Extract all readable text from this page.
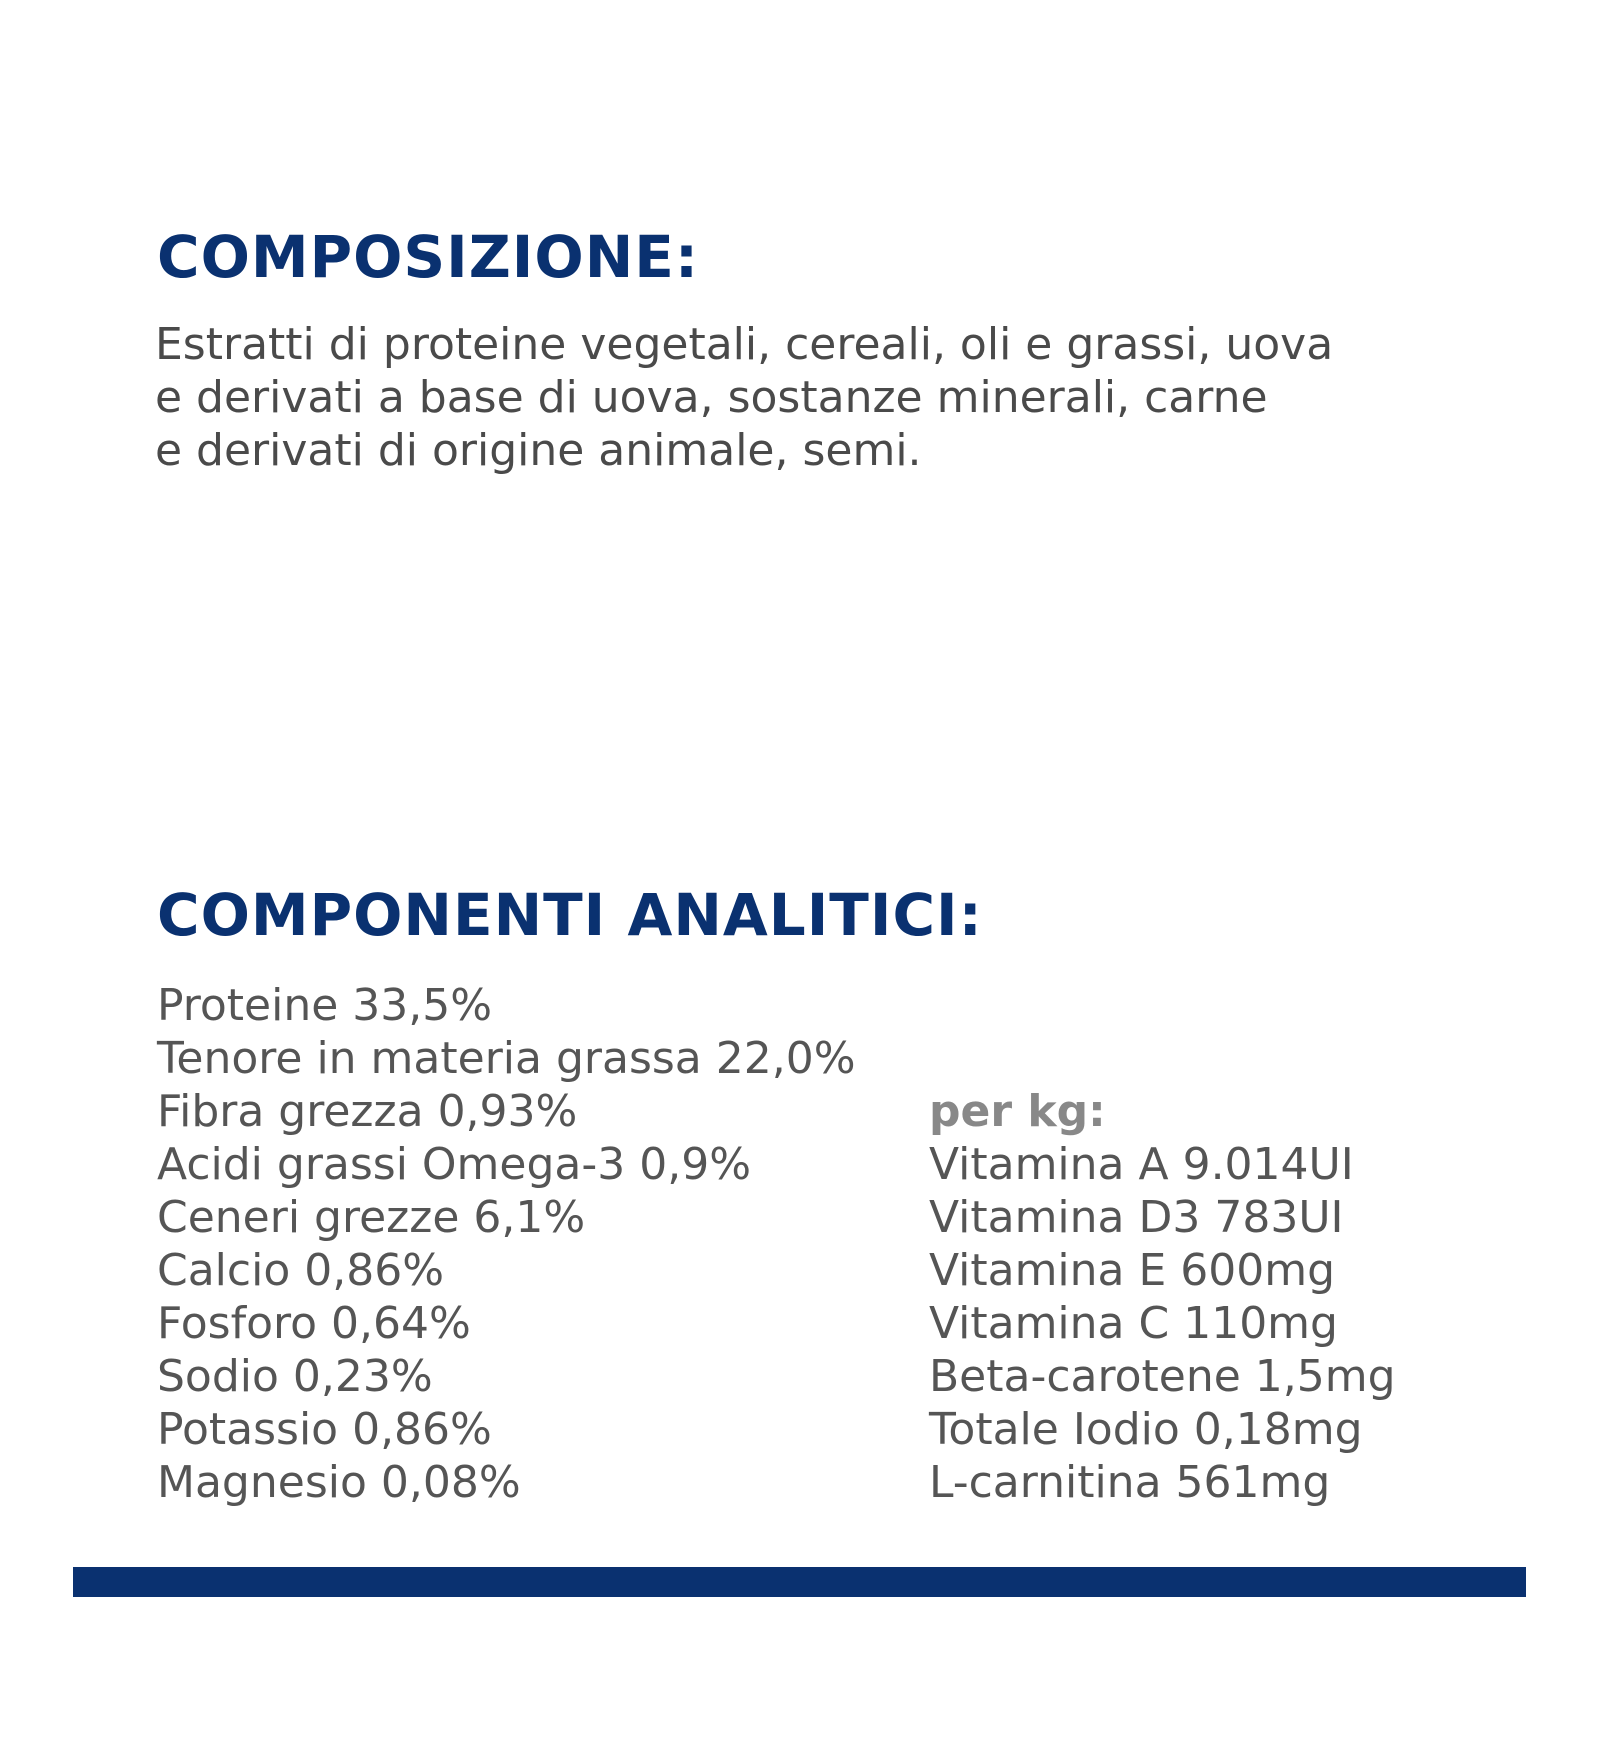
COMPOSIZIONE:
Estratti di proteine vegetali, cereali, oli e grassi, uova
e derivati a base di uova, sostanze minerali, carne
e derivati di origine animale, semi.
COMPONENTI ANALITICI:
Proteine 33,5%
Tenore in materia grassa 22,0%
Fibra grezza 0,93%
Acidi grassi Omega-3 0,9%
Ceneri grezze 6,1%
Calcio 0,86%
Fosforo 0,64%
Sodio 0,23%
Potassio 0,86%
Magnesio 0,08%
per kg:
Vitamina A 9.014UI
Vitamina D3 783UI
Vitamina E 600mg
Vitamina C 110mg
Beta-carotene 1,5mg
Totale Iodio 0,18mg
L-carnitina 561mg
